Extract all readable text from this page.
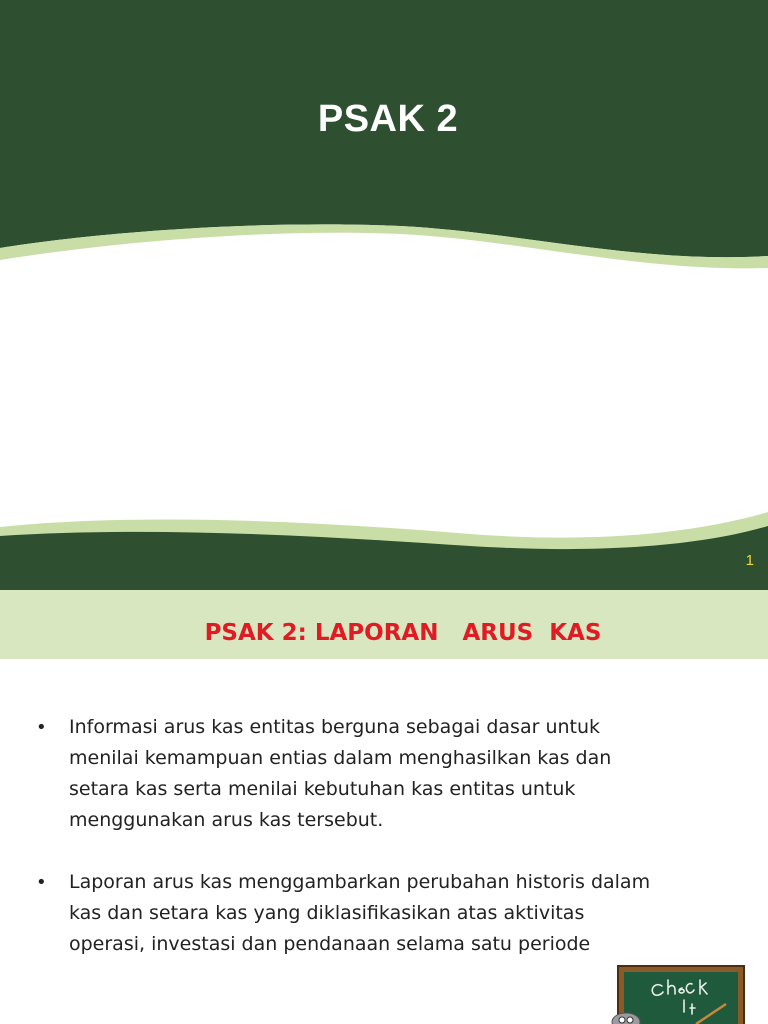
PSAK 2
1
PSAK 2: LAPORAN   ARUS  KAS
• Informasi arus kas entitas berguna sebagai dasar untuk menilai kemampuan entias dalam menghasilkan kas dan setara kas serta menilai kebutuhan kas entitas untuk menggunakan arus kas tersebut.
• Laporan arus kas menggambarkan perubahan historis dalam kas dan setara kas yang diklasifikasikan atas aktivitas operasi, investasi dan pendanaan selama satu periode
